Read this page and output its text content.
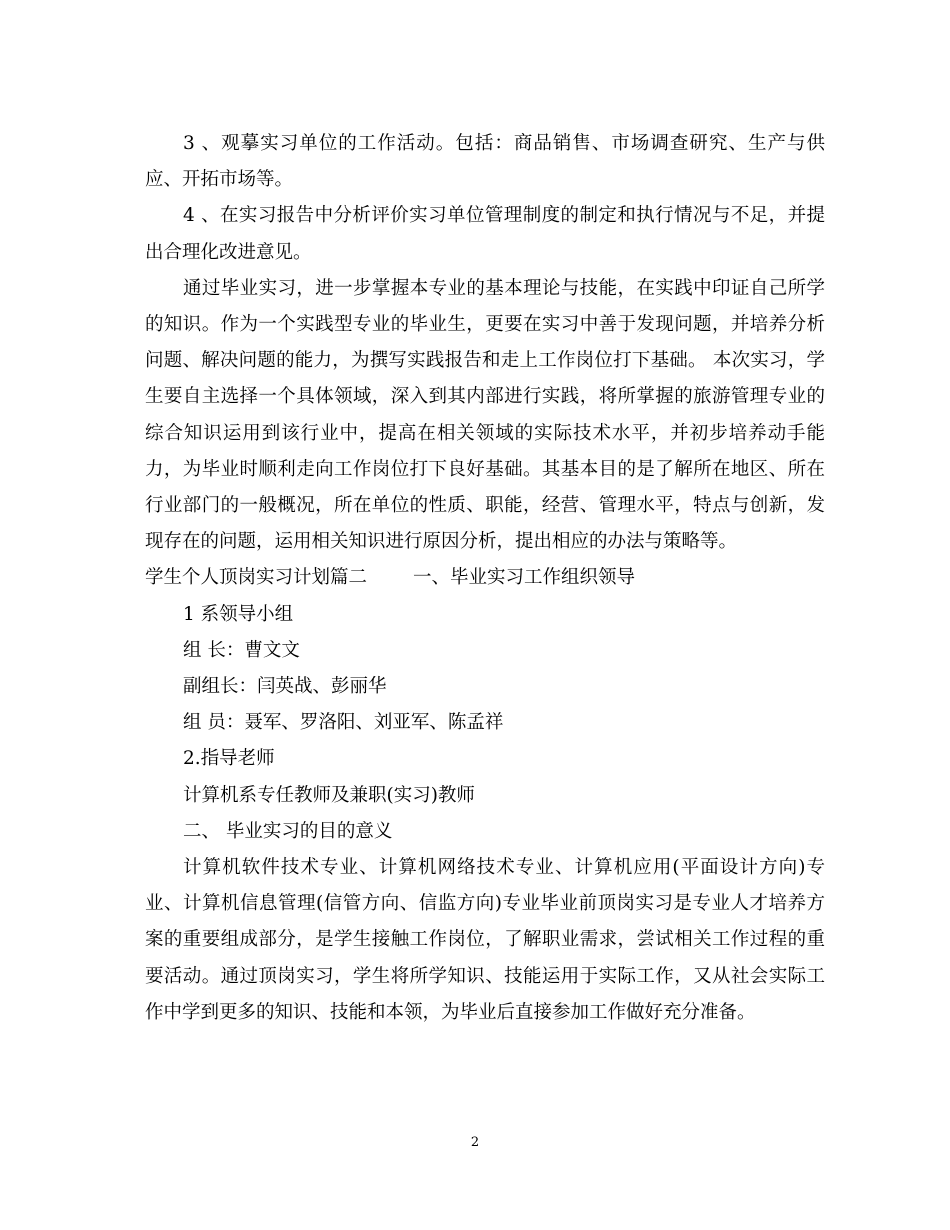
3 、观摹实习单位的工作活动。包括：商品销售、市场调查研究、生产与供应、开拓市场等。

4 、在实习报告中分析评价实习单位管理制度的制定和执行情况与不足，并提出合理化改进意见。

通过毕业实习，进一步掌握本专业的基本理论与技能，在实践中印证自己所学的知识。作为一个实践型专业的毕业生，更要在实习中善于发现问题，并培养分析问题、解决问题的能力，为撰写实践报告和走上工作岗位打下基础。 本次实习，学生要自主选择一个具体领域，深入到其内部进行实践，将所掌握的旅游管理专业的综合知识运用到该行业中，提高在相关领域的实际技术水平，并初步培养动手能力，为毕业时顺利走向工作岗位打下良好基础。其基本目的是了解所在地区、所在行业部门的一般概况，所在单位的性质、职能，经营、管理水平，特点与创新，发现存在的问题，运用相关知识进行原因分析，提出相应的办法与策略等。

学生个人顶岗实习计划篇二 一、毕业实习工作组织领导

1 系领导小组

组 长：曹文文

副组长：闫英战、彭丽华

组 员：聂军、罗洛阳、刘亚军、陈孟祥

2.指导老师

计算机系专任教师及兼职(实习)教师

二、 毕业实习的目的意义

计算机软件技术专业、计算机网络技术专业、计算机应用(平面设计方向)专业、计算机信息管理(信管方向、信监方向)专业毕业前顶岗实习是专业人才培养方案的重要组成部分，是学生接触工作岗位，了解职业需求，尝试相关工作过程的重要活动。通过顶岗实习，学生将所学知识、技能运用于实际工作，又从社会实际工作中学到更多的知识、技能和本领，为毕业后直接参加工作做好充分准备。

2
